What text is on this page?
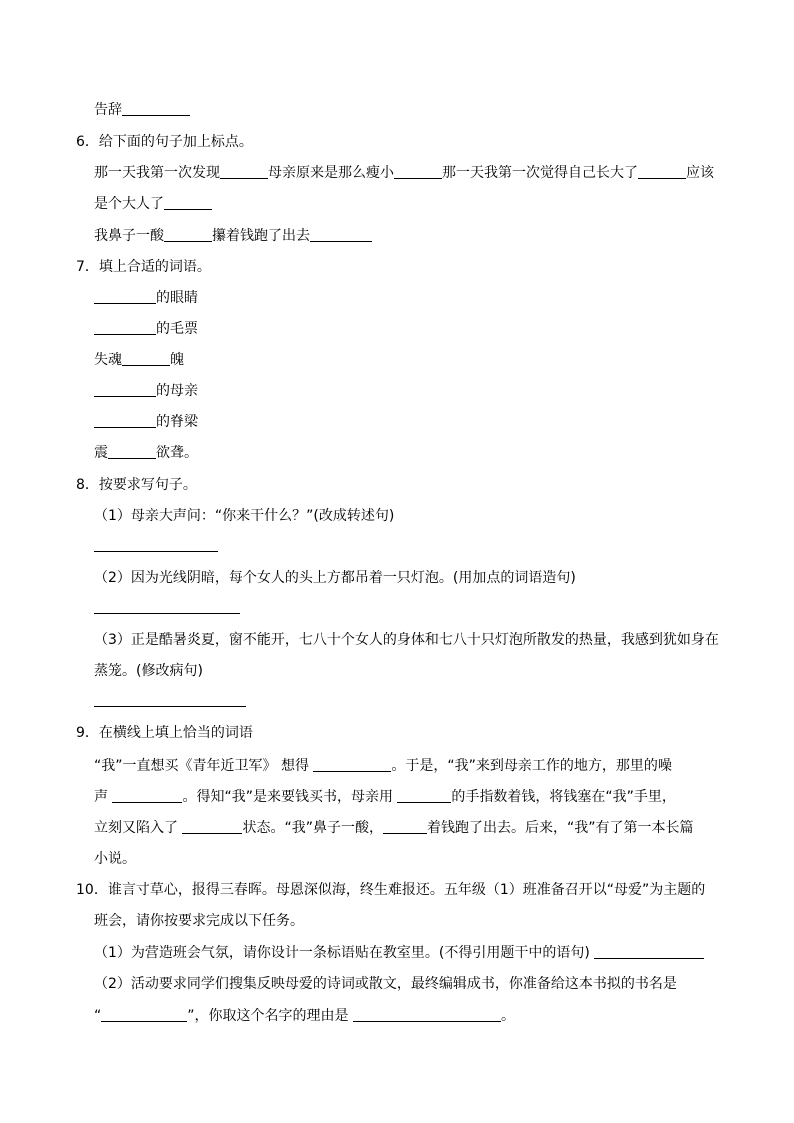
告辞
6．给下面的句子加上标点。
那一天我第一次发现	母亲原来是那么瘦小	那一天我第一次觉得自己长大了	应该
是个大人了
我鼻子一酸	攥着钱跑了出去
7．填上合适的词语。
的眼睛
的毛票
失魂	魄
的母亲
的脊梁
震	欲聋。
8．按要求写句子。
（1）母亲大声问：“你来干什么？”(改成转述句)
（2）因为光线阴暗，每个女人的头上方都吊着一只灯泡。(用加点的词语造句)
（3）正是酷暑炎夏，窗不能开，七八十个女人的身体和七八十只灯泡所散发的热量，我感到犹如身在
蒸笼。(修改病句)
9．在横线上填上恰当的词语
“我”一直想买《青年近卫军》 想得	。于是，“我”来到母亲工作的地方，那里的噪
声	。得知“我”是来要钱买书，母亲用	的手指数着钱，将钱塞在“我”手里，
立刻又陷入了	状态。“我”鼻子一酸，	着钱跑了出去。后来，“我”有了第一本长篇
小说。
10．谁言寸草心，报得三春晖。母恩深似海，终生难报还。五年级（1）班准备召开以“母爱”为主题的
班会，请你按要求完成以下任务。
（1）为营造班会气氛，请你设计一条标语贴在教室里。(不得引用题干中的语句)
（2）活动要求同学们搜集反映母爱的诗词或散文，最终编辑成书，你准备给这本书拟的书名是
“	”，你取这个名字的理由是	。
